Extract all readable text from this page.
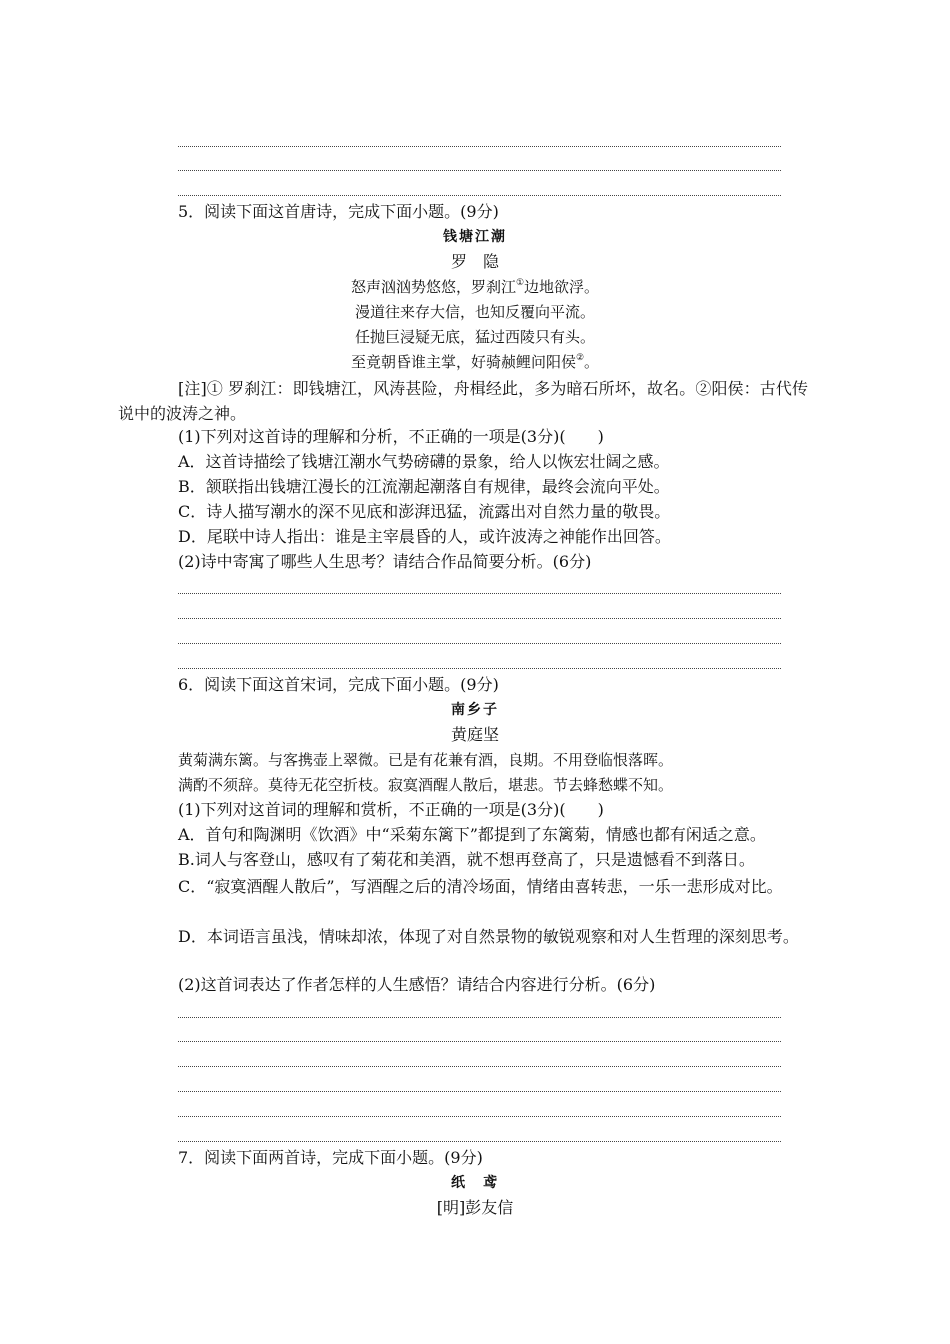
5．阅读下面这首唐诗，完成下面小题。(9分)

钱塘江潮

罗　隐

怒声汹汹势悠悠，罗刹江①边地欲浮。

漫道往来存大信，也知反覆向平流。

任抛巨浸疑无底，猛过西陵只有头。

至竟朝昏谁主掌，好骑赪鲤问阳侯②。

[注]① 罗刹江：即钱塘江，风涛甚险，舟楫经此，多为暗石所坏，故名。②阳侯：古代传说中的波涛之神。

(1)下列对这首诗的理解和分析，不正确的一项是(3分)(　　)

A．这首诗描绘了钱塘江潮水气势磅礴的景象，给人以恢宏壮阔之感。

B．颔联指出钱塘江漫长的江流潮起潮落自有规律，最终会流向平处。

C．诗人描写潮水的深不见底和澎湃迅猛，流露出对自然力量的敬畏。

D．尾联中诗人指出：谁是主宰晨昏的人，或许波涛之神能作出回答。

(2)诗中寄寓了哪些人生思考？请结合作品简要分析。(6分)

6．阅读下面这首宋词，完成下面小题。(9分)

南乡子

黄庭坚

黄菊满东篱。与客携壶上翠微。已是有花兼有酒，良期。不用登临恨落晖。

满酌不须辞。莫待无花空折枝。寂寞酒醒人散后，堪悲。节去蜂愁蝶不知。

(1)下列对这首词的理解和赏析，不正确的一项是(3分)(　　)

A．首句和陶渊明《饮酒》中“采菊东篱下”都提到了东篱菊，情感也都有闲适之意。

B.词人与客登山，感叹有了菊花和美酒，就不想再登高了，只是遗憾看不到落日。

C．“寂寞酒醒人散后”，写酒醒之后的清冷场面，情绪由喜转悲，一乐一悲形成对比。

D．本词语言虽浅，情味却浓，体现了对自然景物的敏锐观察和对人生哲理的深刻思考。

(2)这首词表达了作者怎样的人生感悟？请结合内容进行分析。(6分)

7．阅读下面两首诗，完成下面小题。(9分)

纸　鸢

[明]彭友信
